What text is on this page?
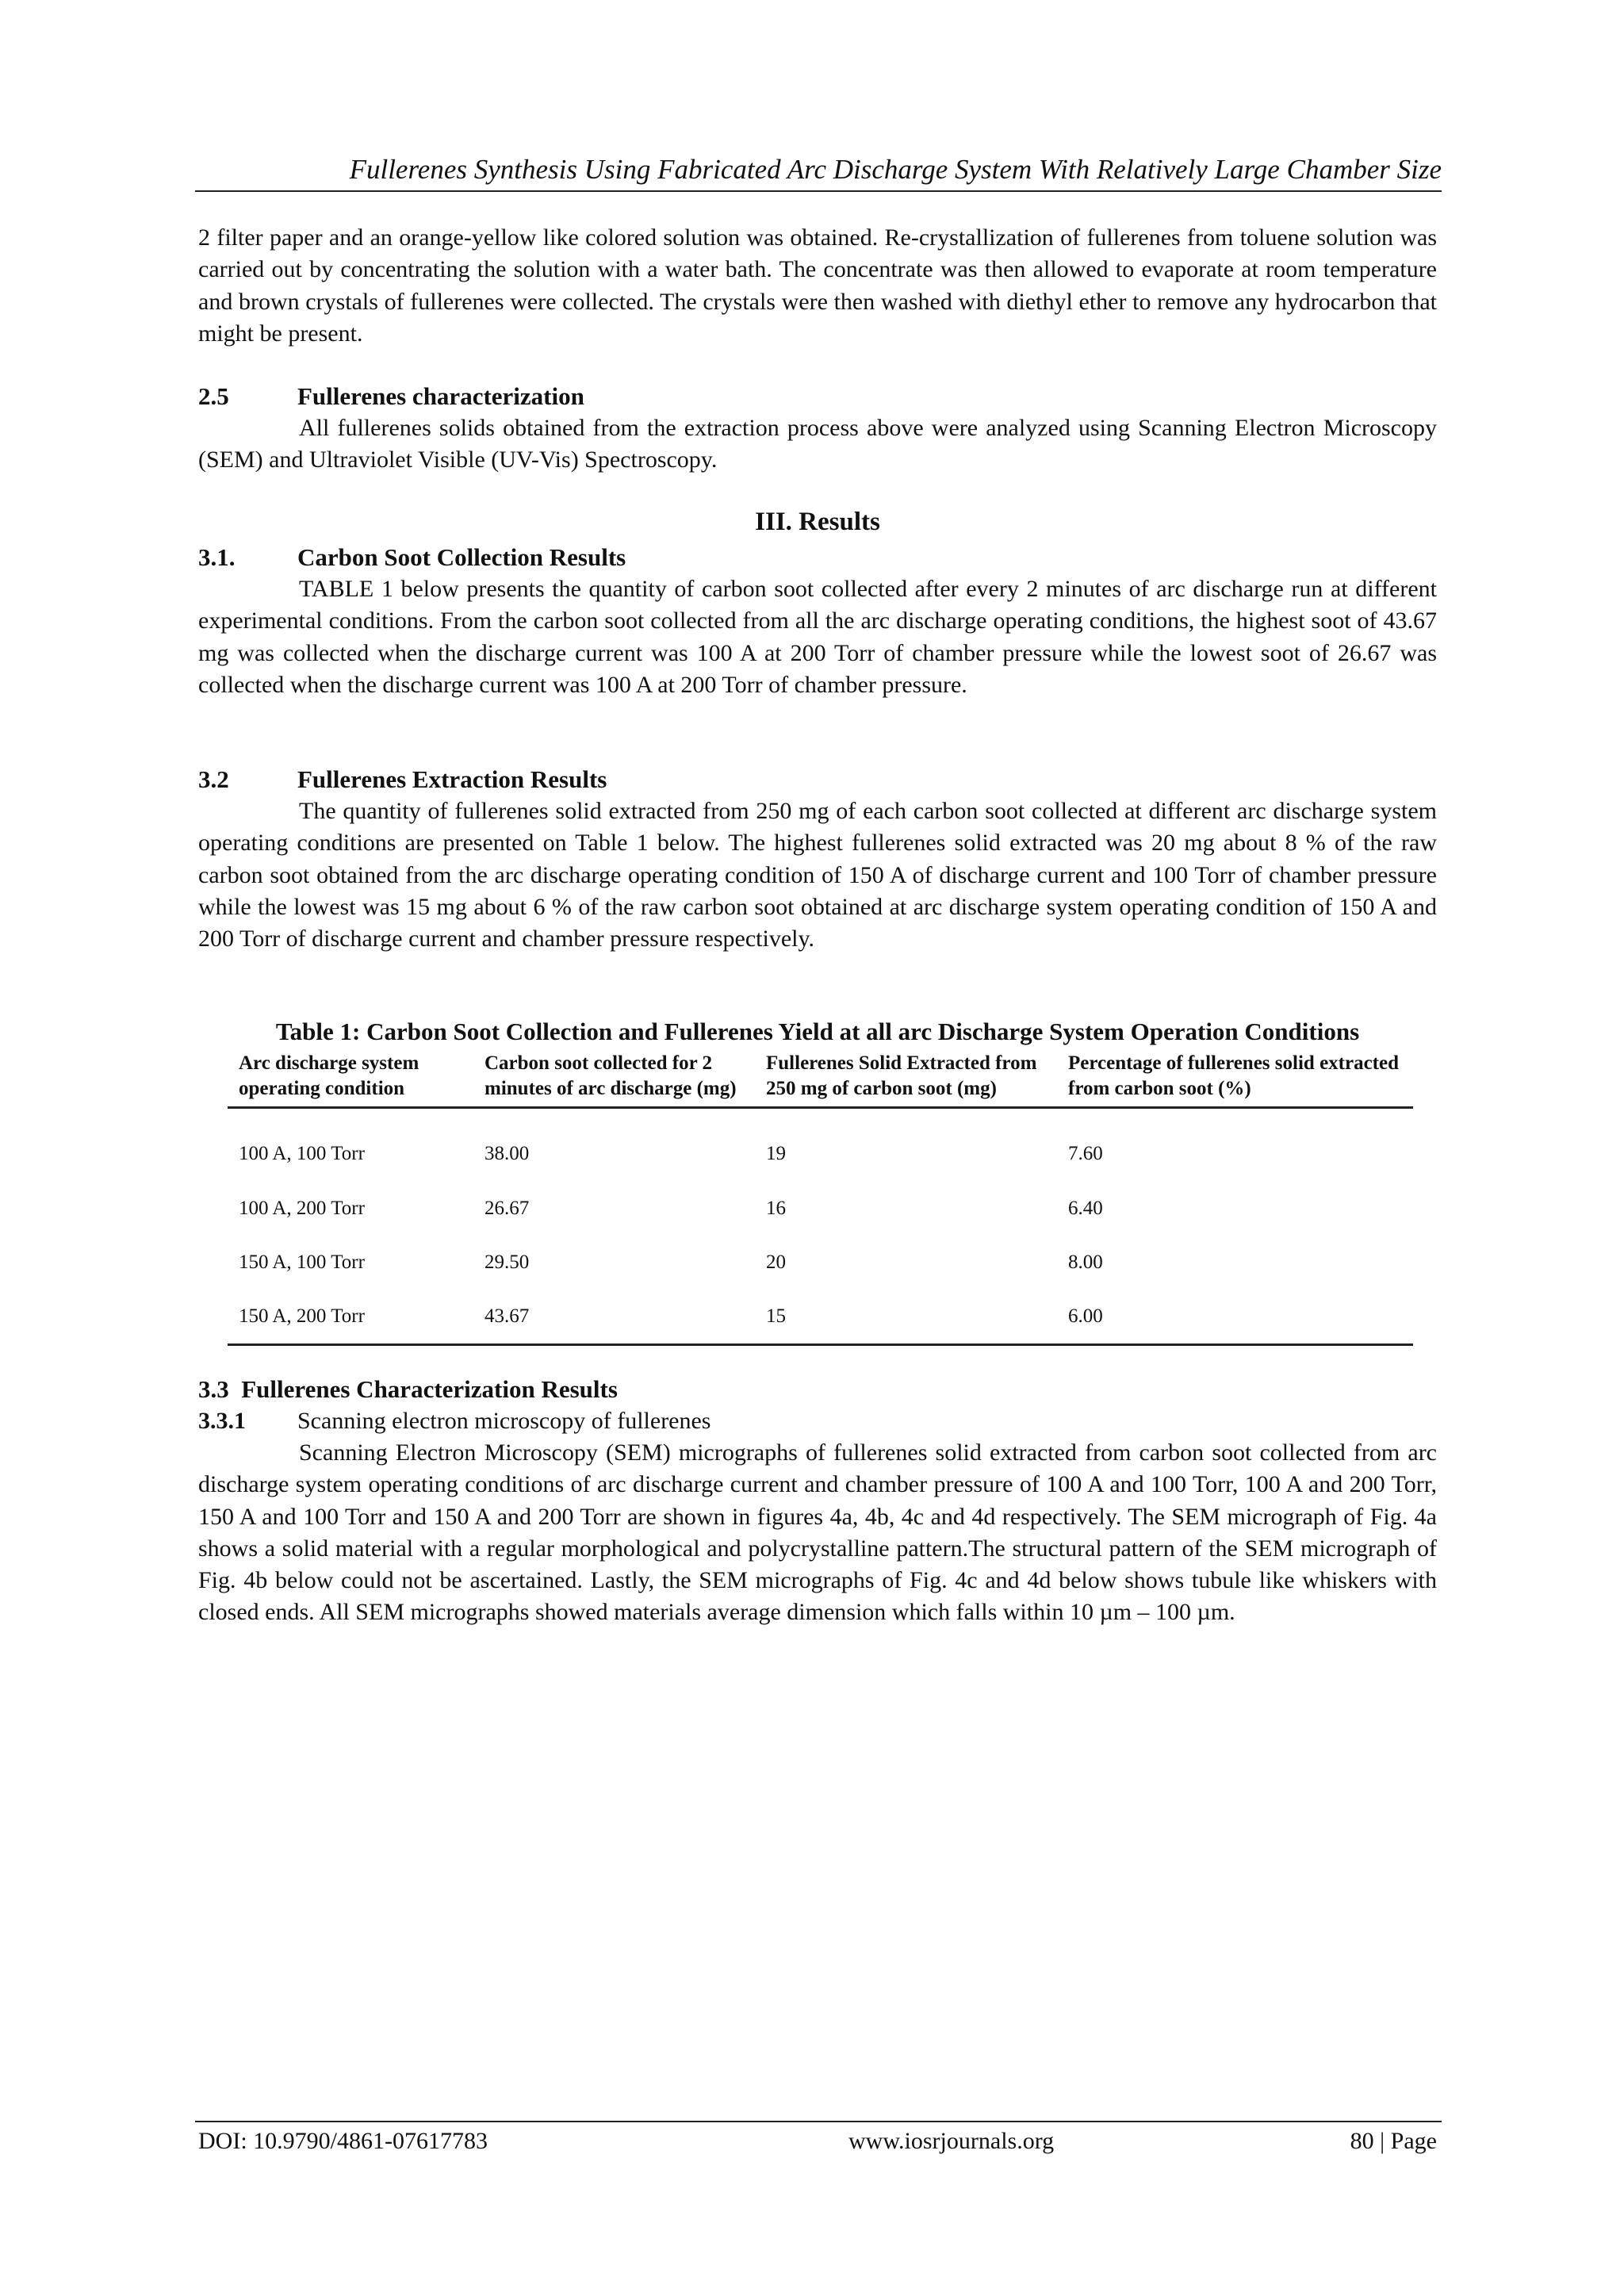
Fullerenes Synthesis Using Fabricated Arc Discharge System With Relatively Large Chamber Size

2 filter paper and an orange-yellow like colored solution was obtained. Re-crystallization of fullerenes from toluene solution was carried out by concentrating the solution with a water bath. The concentrate was then allowed to evaporate at room temperature and brown crystals of fullerenes were collected. The crystals were then washed with diethyl ether to remove any hydrocarbon that might be present.

2.5	Fullerenes characterization

All fullerenes solids obtained from the extraction process above were analyzed using Scanning Electron Microscopy (SEM) and Ultraviolet Visible (UV-Vis) Spectroscopy.

III. Results
3.1.	Carbon Soot Collection Results

TABLE 1 below presents the quantity of carbon soot collected after every 2 minutes of arc discharge run at different experimental conditions. From the carbon soot collected from all the arc discharge operating conditions, the highest soot of 43.67 mg was collected when the discharge current was 100 A at 200 Torr of chamber pressure while the lowest soot of 26.67 was collected when the discharge current was 100 A at 200 Torr of chamber pressure.

3.2	Fullerenes Extraction Results

The quantity of fullerenes solid extracted from 250 mg of each carbon soot collected at different arc discharge system operating conditions are presented on Table 1 below. The highest fullerenes solid extracted was 20 mg about 8 % of the raw carbon soot obtained from the arc discharge operating condition of 150 A of discharge current and 100 Torr of chamber pressure while the lowest was 15 mg about 6 % of the raw carbon soot obtained at arc discharge system operating condition of 150 A and 200 Torr of discharge current and chamber pressure respectively.

Table 1: Carbon Soot Collection and Fullerenes Yield at all arc Discharge System Operation Conditions
Arc discharge system operating condition	Carbon soot collected for 2 minutes of arc discharge (mg)	Fullerenes Solid Extracted from 250 mg of carbon soot (mg)	Percentage of fullerenes solid extracted from carbon soot (%)
100 A, 100 Torr	38.00	19	7.60
100 A, 200 Torr	26.67	16	6.40
150 A, 100 Torr	29.50	20	8.00
150 A, 200 Torr	43.67	15	6.00
3.3 Fullerenes Characterization Results
3.3.1 Scanning electron microscopy of fullerenes

Scanning Electron Microscopy (SEM) micrographs of fullerenes solid extracted from carbon soot collected from arc discharge system operating conditions of arc discharge current and chamber pressure of 100 A and 100 Torr, 100 A and 200 Torr, 150 A and 100 Torr and 150 A and 200 Torr are shown in figures 4a, 4b, 4c and 4d respectively. The SEM micrograph of Fig. 4a shows a solid material with a regular morphological and polycrystalline pattern.The structural pattern of the SEM micrograph of Fig. 4b below could not be ascertained. Lastly, the SEM micrographs of Fig. 4c and 4d below shows tubule like whiskers with closed ends. All SEM micrographs showed materials average dimension which falls within 10 µm – 100 µm.

DOI: 10.9790/4861-07617783	www.iosrjournals.org	80 | Page
